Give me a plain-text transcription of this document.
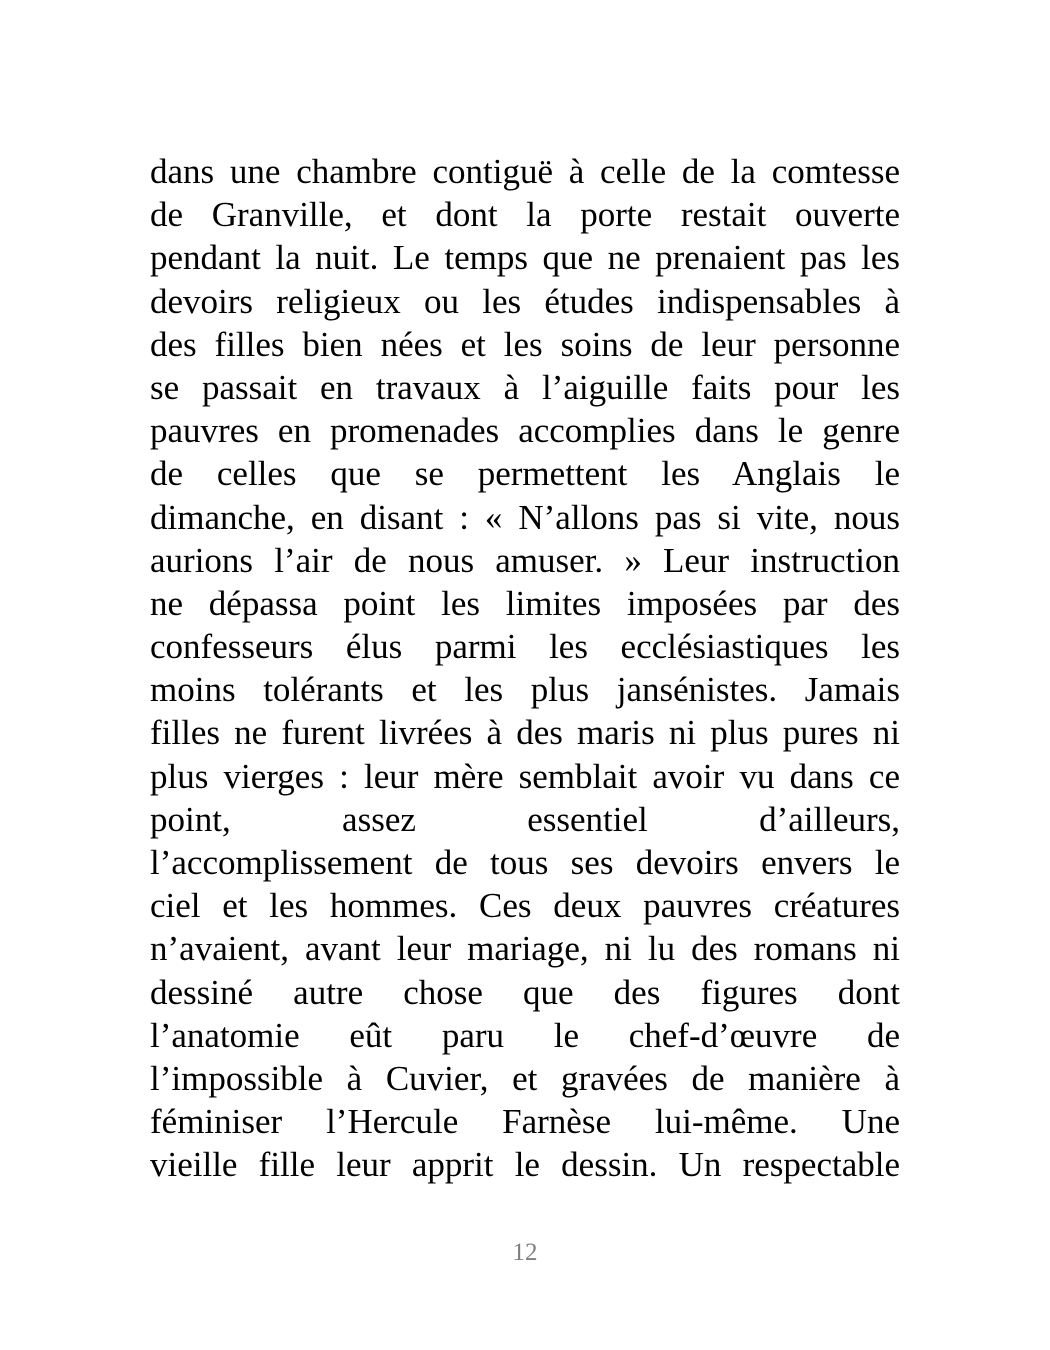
dans une chambre contiguë à celle de la comtesse
de Granville, et dont la porte restait ouverte
pendant la nuit. Le temps que ne prenaient pas les
devoirs religieux ou les études indispensables à
des filles bien nées et les soins de leur personne
se passait en travaux à l’aiguille faits pour les
pauvres en promenades accomplies dans le genre
de celles que se permettent les Anglais le
dimanche, en disant : « N’allons pas si vite, nous
aurions l’air de nous amuser. » Leur instruction
ne dépassa point les limites imposées par des
confesseurs élus parmi les ecclésiastiques les
moins tolérants et les plus jansénistes. Jamais
filles ne furent livrées à des maris ni plus pures ni
plus vierges : leur mère semblait avoir vu dans ce
point, assez essentiel d’ailleurs,
l’accomplissement de tous ses devoirs envers le
ciel et les hommes. Ces deux pauvres créatures
n’avaient, avant leur mariage, ni lu des romans ni
dessiné autre chose que des figures dont
l’anatomie eût paru le chef-d’œuvre de
l’impossible à Cuvier, et gravées de manière à
féminiser l’Hercule Farnèse lui-même. Une
vieille fille leur apprit le dessin. Un respectable
12
